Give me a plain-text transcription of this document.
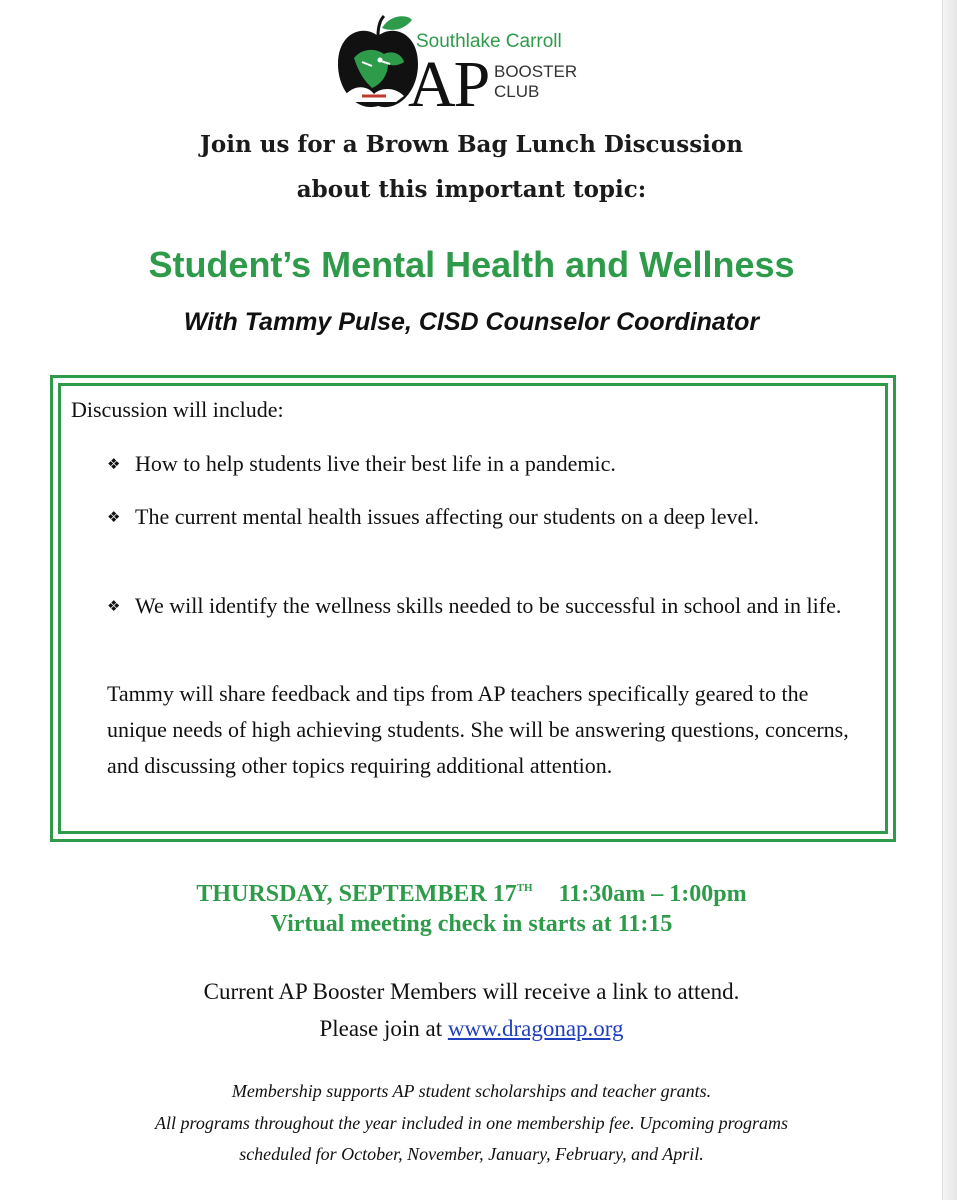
Southlake Carroll
AP BOOSTER
CLUB
Join us for a Brown Bag Lunch Discussion
about this important topic:
Student’s Mental Health and Wellness
With Tammy Pulse, CISD Counselor Coordinator
Discussion will include:
❖ How to help students live their best life in a pandemic.
❖ The current mental health issues affecting our students on a deep level.
❖ We will identify the wellness skills needed to be successful in school and in life.
Tammy will share feedback and tips from AP teachers specifically geared to the unique needs of high achieving students. She will be answering questions, concerns, and discussing other topics requiring additional attention.
THURSDAY, SEPTEMBER 17TH 11:30am – 1:00pm
Virtual meeting check in starts at 11:15
Current AP Booster Members will receive a link to attend.
Please join at www.dragonap.org
Membership supports AP student scholarships and teacher grants.
All programs throughout the year included in one membership fee. Upcoming programs
scheduled for October, November, January, February, and April.
